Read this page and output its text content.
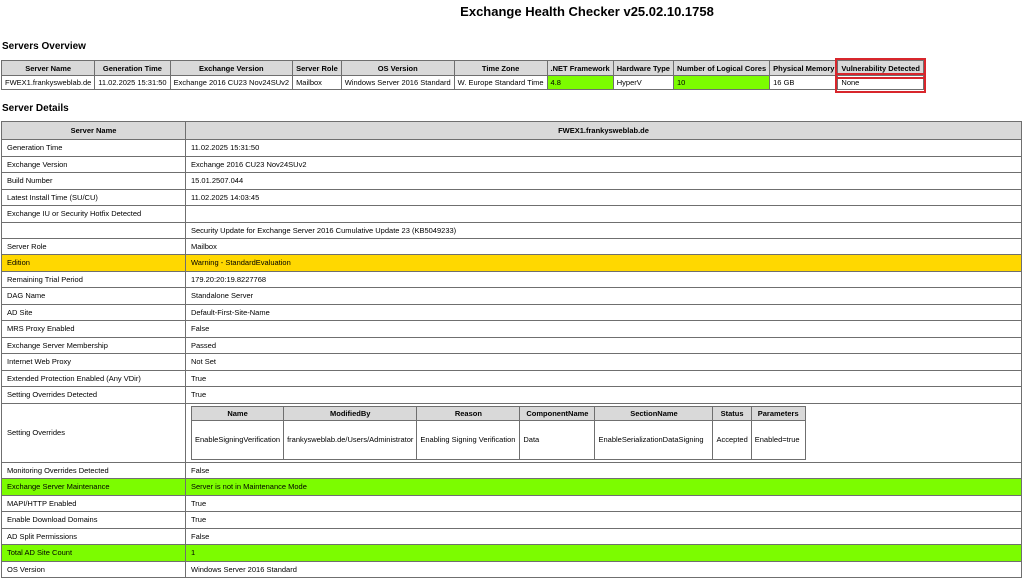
Exchange Health Checker v25.02.10.1758
Servers Overview
Server Name	Generation Time	Exchange Version	Server Role	OS Version	Time Zone	.NET Framework	Hardware Type	Number of Logical Cores	Physical Memory	Vulnerability Detected
FWEX1.frankysweblab.de	11.02.2025 15:31:50	Exchange 2016 CU23 Nov24SUv2	Mailbox	Windows Server 2016 Standard	W. Europe Standard Time	4.8	HyperV	10	16 GB	None
Server Details
Server Name	FWEX1.frankysweblab.de
Generation Time	11.02.2025 15:31:50
Exchange Version	Exchange 2016 CU23 Nov24SUv2
Build Number	15.01.2507.044
Latest Install Time (SU/CU)	11.02.2025 14:03:45
Exchange IU or Security Hotfix Detected	
	Security Update for Exchange Server 2016 Cumulative Update 23 (KB5049233)
Server Role	Mailbox
Edition	Warning - StandardEvaluation
Remaining Trial Period	179.20:20:19.8227768
DAG Name	Standalone Server
AD Site	Default-First-Site-Name
MRS Proxy Enabled	False
Exchange Server Membership	Passed
Internet Web Proxy	Not Set
Extended Protection Enabled (Any VDir)	True
Setting Overrides Detected	True
Setting Overrides	
Name	ModifiedBy	Reason	ComponentName	SectionName	Status	Parameters
EnableSigningVerification	frankysweblab.de/Users/Administrator	Enabling Signing Verification	Data	EnableSerializationDataSigning	Accepted	Enabled=true

Monitoring Overrides Detected	False
Exchange Server Maintenance	Server is not in Maintenance Mode
MAPI/HTTP Enabled	True
Enable Download Domains	True
AD Split Permissions	False
Total AD Site Count	1
OS Version	Windows Server 2016 Standard
